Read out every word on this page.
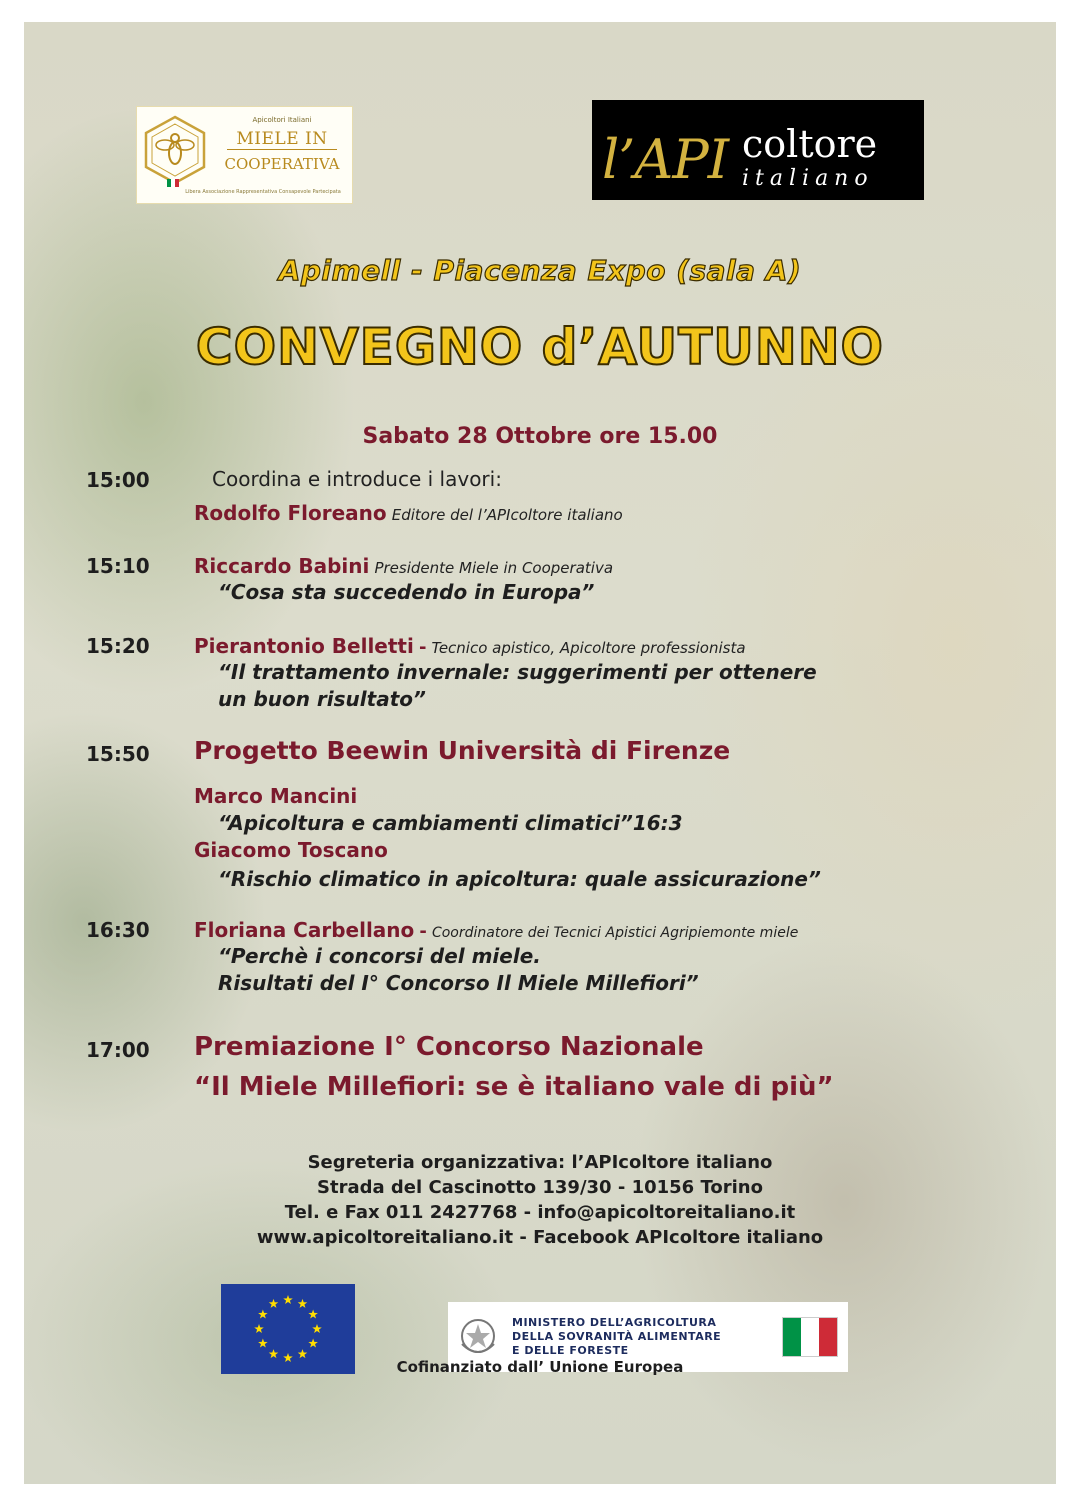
Apicoltori Italiani
MIELE IN
COOPERATIVA
Libera Associazione Rappresentativa Consapevole Partecipata
l’API coltore
italiano
Apimell - Piacenza Expo (sala A)
CONVEGNO d’AUTUNNO
Sabato 28 Ottobre ore 15.00
15:00	Coordina e introduce i lavori:
Rodolfo Floreano Editore del l’APIcoltore italiano
15:10 Riccardo Babini Presidente Miele in Cooperativa
“Cosa sta succedendo in Europa”
15:20 Pierantonio Belletti - Tecnico apistico, Apicoltore professionista
“Il trattamento invernale: suggerimenti per ottenere
un buon risultato”
15:50 Progetto Beewin Università di Firenze
Marco Mancini
“Apicoltura e cambiamenti climatici”16:3
Giacomo Toscano
“Rischio climatico in apicoltura: quale assicurazione”
16:30 Floriana Carbellano - Coordinatore dei Tecnici Apistici Agripiemonte miele
“Perchè i concorsi del miele.
Risultati del I° Concorso Il Miele Millefiori”
17:00 Premiazione I° Concorso Nazionale
“Il Miele Millefiori: se è italiano vale di più”
Segreteria organizzativa: l’APIcoltore italiano
Strada del Cascinotto 139/30 - 10156 Torino
Tel. e Fax 011 2427768 - info@apicoltoreitaliano.it
www.apicoltoreitaliano.it - Facebook APIcoltore italiano
MINISTERO DELL’AGRICOLTURA
DELLA SOVRANITÀ ALIMENTARE
E DELLE FORESTE
Cofinanziato dall’ Unione Europea
